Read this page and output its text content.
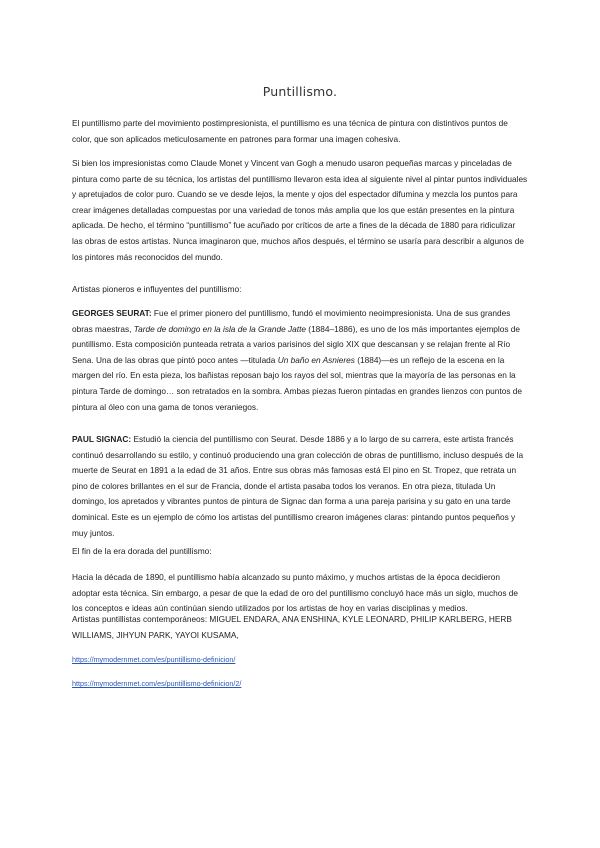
Puntillismo.

El puntillismo parte del movimiento postimpresionista, el puntillismo es una técnica de pintura con distintivos puntos de color, que son aplicados meticulosamente en patrones para formar una imagen cohesiva.

Si bien los impresionistas como Claude Monet y Vincent van Gogh a menudo usaron pequeñas marcas y pinceladas de pintura como parte de su técnica, los artistas del puntillismo llevaron esta idea al siguiente nivel al pintar puntos individuales y apretujados de color puro. Cuando se ve desde lejos, la mente y ojos del espectador difumina y mezcla los puntos para crear imágenes detalladas compuestas por una variedad de tonos más amplia que los que están presentes en la pintura aplicada. De hecho, el término “puntillismo” fue acuñado por críticos de arte a fines de la década de 1880 para ridiculizar las obras de estos artistas. Nunca imaginaron que, muchos años después, el término se usaría para describir a algunos de los pintores más reconocidos del mundo.

Artistas pioneros e influyentes del puntillismo:

GEORGES SEURAT: Fue el primer pionero del puntillismo, fundó el movimiento neoimpresionista. Una de sus grandes obras maestras, Tarde de domingo en la isla de la Grande Jatte (1884–1886), es uno de los más importantes ejemplos de puntillismo. Esta composición punteada retrata a varios parisinos del siglo XIX que descansan y se relajan frente al Río Sena. Una de las obras que pintó poco antes —titulada Un baño en Asnieres (1884)—es un reflejo de la escena en la margen del río. En esta pieza, los bañistas reposan bajo los rayos del sol, mientras que la mayoría de las personas en la pintura Tarde de domingo… son retratados en la sombra. Ambas piezas fueron pintadas en grandes lienzos con puntos de pintura al óleo con una gama de tonos veraniegos.

PAUL SIGNAC: Estudió la ciencia del puntillismo con Seurat. Desde 1886 y a lo largo de su carrera, este artista francés continuó desarrollando su estilo, y continuó produciendo una gran colección de obras de puntillismo, incluso después de la muerte de Seurat en 1891 a la edad de 31 años. Entre sus obras más famosas está El pino en St. Tropez, que retrata un pino de colores brillantes en el sur de Francia, donde el artista pasaba todos los veranos. En otra pieza, titulada Un domingo, los apretados y vibrantes puntos de pintura de Signac dan forma a una pareja parisina y su gato en una tarde dominical. Este es un ejemplo de cómo los artistas del puntillismo crearon imágenes claras: pintando puntos pequeños y muy juntos.

El fin de la era dorada del puntillismo:

Hacia la década de 1890, el puntillismo había alcanzado su punto máximo, y muchos artistas de la época decidieron adoptar esta técnica. Sin embargo, a pesar de que la edad de oro del puntillismo concluyó hace más un siglo, muchos de los conceptos e ideas aún continúan siendo utilizados por los artistas de hoy en varias disciplinas y medios.

Artistas puntillistas contemporáneos: MIGUEL ENDARA, ANA ENSHINA, KYLE LEONARD, PHILIP KARLBERG, HERB WILLIAMS, JIHYUN PARK, YAYOI KUSAMA,

https://mymodernmet.com/es/puntillismo-definicion/
https://mymodernmet.com/es/puntillismo-definicion/2/
